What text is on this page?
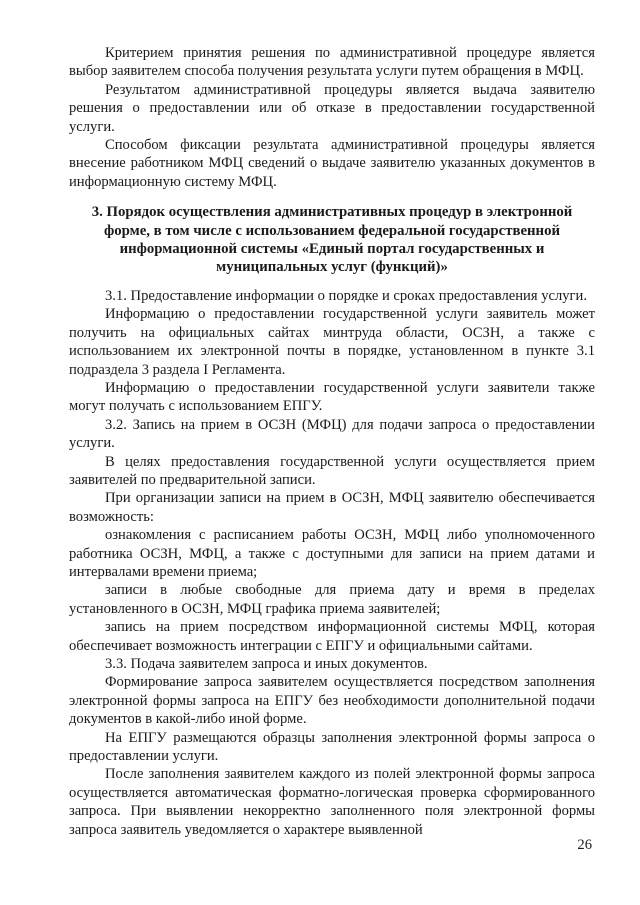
Критерием принятия решения по административной процедуре является выбор заявителем способа получения результата услуги путем обращения в МФЦ.

Результатом административной процедуры является выдача заявителю решения о предоставлении или об отказе в предоставлении государственной услуги.

Способом фиксации результата административной процедуры является внесение работником МФЦ сведений о выдаче заявителю указанных документов в информационную систему МФЦ.

3. Порядок осуществления административных процедур в электронной форме, в том числе с использованием федеральной государственной информационной системы «Единый портал государственных и муниципальных услуг (функций)»

3.1. Предоставление информации о порядке и сроках предоставления услуги.

Информацию о предоставлении государственной услуги заявитель может получить на официальных сайтах минтруда области, ОСЗН, а также с использованием их электронной почты в порядке, установленном в пункте 3.1 подраздела 3 раздела I Регламента.

Информацию о предоставлении государственной услуги заявители также могут получать с использованием ЕПГУ.

3.2. Запись на прием в ОСЗН (МФЦ) для подачи запроса о предоставлении услуги.

В целях предоставления государственной услуги осуществляется прием заявителей по предварительной записи.

При организации записи на прием в ОСЗН, МФЦ заявителю обеспечивается возможность:

ознакомления с расписанием работы ОСЗН, МФЦ либо уполномоченного работника ОСЗН, МФЦ, а также с доступными для записи на прием датами и интервалами времени приема;

записи в любые свободные для приема дату и время в пределах установленного в ОСЗН, МФЦ графика приема заявителей;

запись на прием посредством информационной системы МФЦ, которая обеспечивает возможность интеграции с ЕПГУ и официальными сайтами.

3.3. Подача заявителем запроса и иных документов.

Формирование запроса заявителем осуществляется посредством заполнения электронной формы запроса на ЕПГУ без необходимости дополнительной подачи документов в какой-либо иной форме.

На ЕПГУ размещаются образцы заполнения электронной формы запроса о предоставлении услуги.

После заполнения заявителем каждого из полей электронной формы запроса осуществляется автоматическая форматно-логическая проверка сформированного запроса. При выявлении некорректно заполненного поля электронной формы запроса заявитель уведомляется о характере выявленной

26
